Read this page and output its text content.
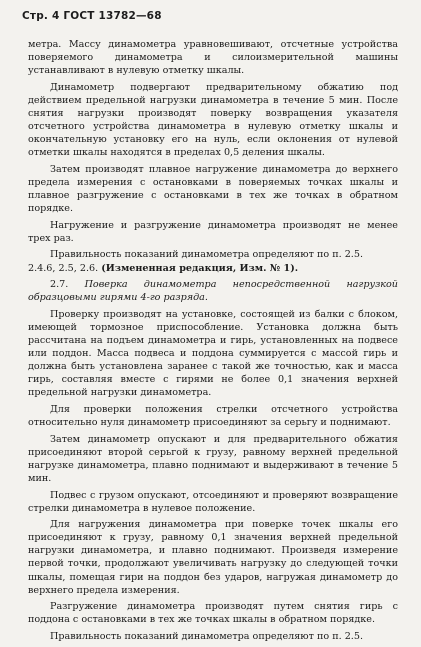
Стр. 4 ГОСТ 13782—68

метра. Массу динамометра уравновешивают, отсчетные устройства поверяемого динамометра и силоизмерительной машины устанавливают в нулевую отметку шкалы.

Динамометр подвергают предварительному обжатию под действием предельной нагрузки динамометра в течение 5 мин. После снятия нагрузки производят поверку возвращения указателя отсчетного устройства динамометра в нулевую отметку шкалы и окончательную установку его на нуль, если оклонения от нулевой отметки шкалы находятся в пределах 0,5 деления шкалы.

Затем производят плавное нагружение динамометра до верхнего предела измерения с остановками в поверяемых точках шкалы и плавное разгружение с остановками в тех же точках в обратном порядке.

Нагружение и разгружение динамометра производят не менее трех раз.

Правильность показаний динамометра определяют по п. 2.5.

2.4.6, 2.5, 2.6. (Измененная редакция, Изм. № 1).

2.7. Поверка динамометра непосредственной нагрузкой образцовыми гирями 4-го разряда.

Проверку производят на установке, состоящей из балки с блоком, имеющей тормозное приспособление. Установка должна быть рассчитана на подъем динамометра и гирь, установленных на подвесе или поддон. Масса подвеса и поддона суммируется с массой гирь и должна быть установлена заранее с такой же точностью, как и масса гирь, составляя вместе с гирями не более 0,1 значения верхней предельной нагрузки динамометра.

Для проверки положения стрелки отсчетного устройства относительно нуля динамометр присоединяют за серьгу и поднимают.

Затем динамометр опускают и для предварительного обжатия присоединяют второй серьгой к грузу, равному верхней предельной нагрузке динамометра, плавно поднимают и выдерживают в течение 5 мин.

Подвес с грузом опускают, отсоединяют и проверяют возвращение стрелки динамометра в нулевое положение.

Для нагружения динамометра при поверке точек шкалы его присоединяют к грузу, равному 0,1 значения верхней предельной нагрузки динамометра, и плавно поднимают. Произведя измерение первой точки, продолжают увеличивать нагрузку до следующей точки шкалы, помещая гири на поддон без ударов, нагружая динамометр до верхнего предела измерения.

Разгружение динамометра производят путем снятия гирь с поддона с остановками в тех же точках шкалы в обратном порядке.

Правильность показаний динамометра определяют по п. 2.5.
